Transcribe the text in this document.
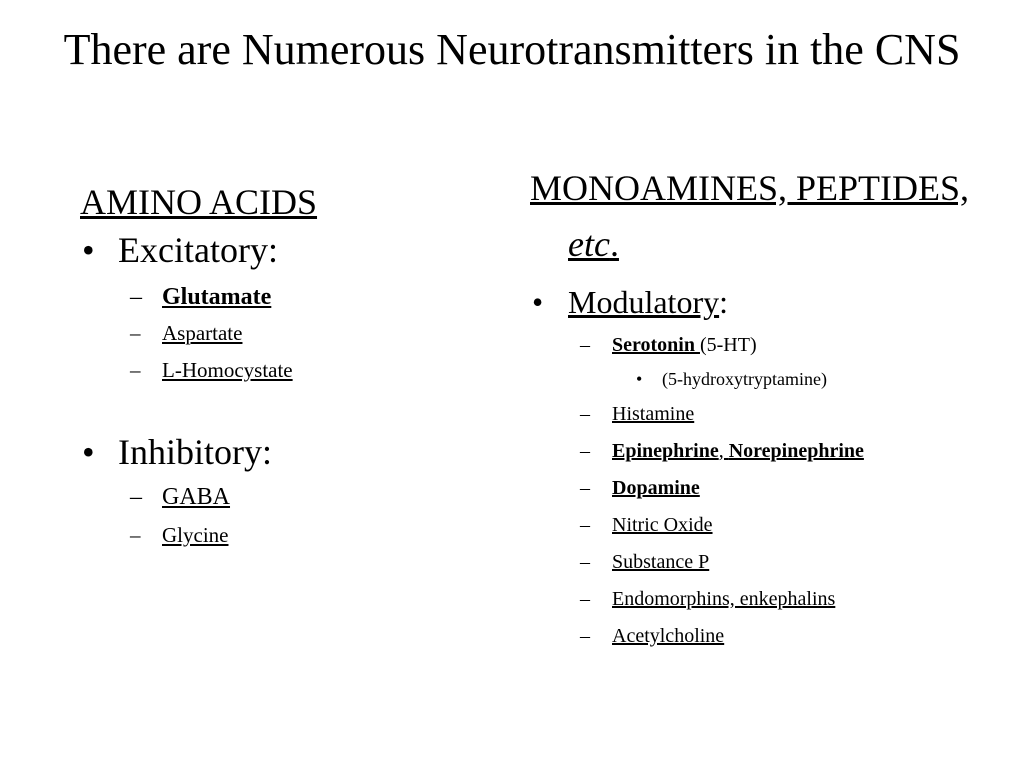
There are Numerous Neurotransmitters in the CNS
AMINO ACIDS
• Excitatory:
– Glutamate
– Aspartate
– L-Homocystate
• Inhibitory:
– GABA
– Glycine
MONOAMINES, PEPTIDES, etc.
• Modulatory:
– Serotonin (5-HT)
• (5-hydroxytryptamine)
– Histamine
– Epinephrine, Norepinephrine
– Dopamine
– Nitric Oxide
– Substance P
– Endomorphins, enkephalins
– Acetylcholine
